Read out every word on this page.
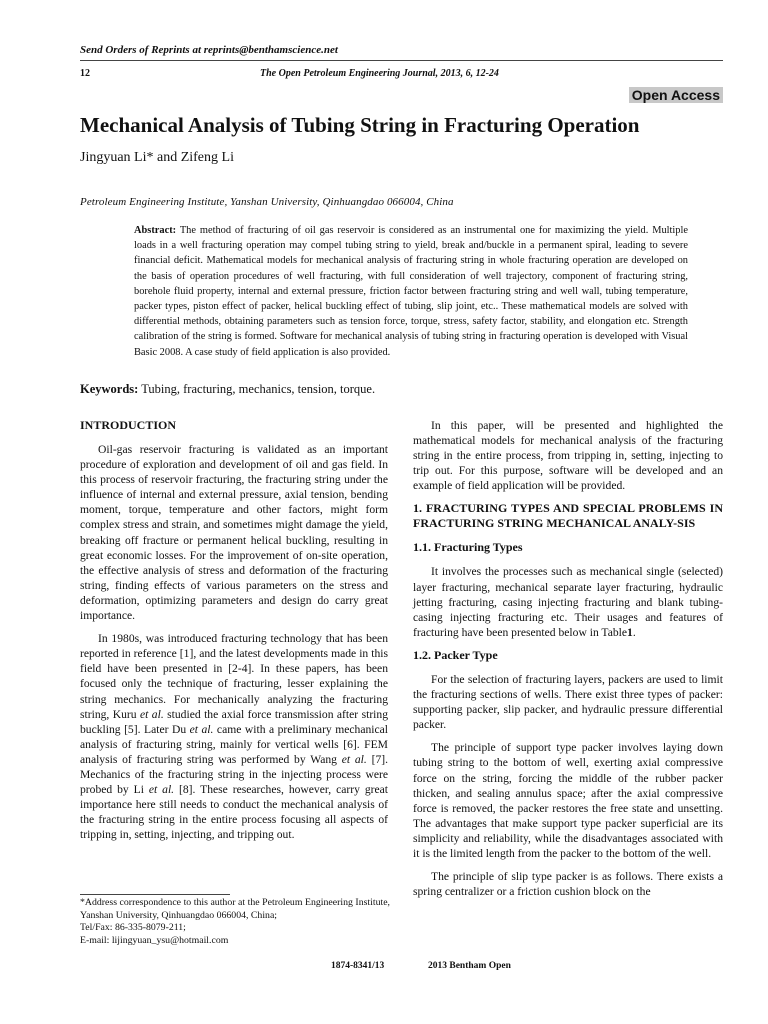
Send Orders of Reprints at reprints@benthamscience.net
12	The Open Petroleum Engineering Journal, 2013, 6, 12-24
Open Access
Mechanical Analysis of Tubing String in Fracturing Operation
Jingyuan Li* and Zifeng Li
Petroleum Engineering Institute, Yanshan University, Qinhuangdao 066004, China
Abstract: The method of fracturing of oil gas reservoir is considered as an instrumental one for maximizing the yield. Multiple loads in a well fracturing operation may compel tubing string to yield, break and/buckle in a permanent spiral, leading to severe financial deficit. Mathematical models for mechanical analysis of fracturing string in whole fracturing operation are developed on the basis of operation procedures of well fracturing, with full consideration of well trajectory, component of fracturing string, borehole fluid property, internal and external pressure, friction factor between fracturing string and well wall, tubing temperature, packer types, piston effect of packer, helical buckling effect of tubing, slip joint, etc.. These mathematical models are solved with differential methods, obtaining parameters such as tension force, torque, stress, safety factor, stability, and elongation etc. Strength calibration of the string is formed. Software for mechanical analysis of tubing string in fracturing operation is developed with Visual Basic 2008. A case study of field application is also provided.
Keywords: Tubing, fracturing, mechanics, tension, torque.
INTRODUCTION

Oil-gas reservoir fracturing is validated as an important procedure of exploration and development of oil and gas field. In this process of reservoir fracturing, the fracturing string under the influence of internal and external pressure, axial tension, bending moment, torque, temperature and other factors, might form complex stress and strain, and sometimes might damage the yield, breaking off fracture or permanent helical buckling, resulting in great economic losses. For the improvement of on-site operation, the effective analysis of stress and deformation of the fracturing string, finding effects of various parameters on the stress and deformation, optimizing parameters and design do carry great importance.

In 1980s, was introduced fracturing technology that has been reported in reference [1], and the latest developments made in this field have been presented in [2-4]. In these papers, has been focused only the technique of fracturing, lesser explaining the string mechanics. For mechanically analyzing the fracturing string, Kuru et al. studied the axial force transmission after string buckling [5]. Later Du et al. came with a preliminary mechanical analysis of fracturing string, mainly for vertical wells [6]. FEM analysis of fracturing string was performed by Wang et al. [7]. Mechanics of the fracturing string in the injecting process were probed by Li et al. [8]. These researches, however, carry great importance here still needs to conduct the mechanical analysis of the fracturing string in the entire process focusing all aspects of tripping in, setting, injecting, and tripping out.

In this paper, will be presented and highlighted the mathematical models for mechanical analysis of the fracturing string in the entire process, from tripping in, setting, injecting to trip out. For this purpose, software will be developed and an example of field application will be provided.

1. FRACTURING TYPES AND SPECIAL PROBLEMS IN FRACTURING STRING MECHANICAL ANALY-SIS
1.1. Fracturing Types

It involves the processes such as mechanical single (selected) layer fracturing, mechanical separate layer fracturing, hydraulic jetting fracturing, casing injecting fracturing and blank tubing-casing injecting fracturing etc. Their usages and features of fracturing have been presented below in Table1.

1.2. Packer Type

For the selection of fracturing layers, packers are used to limit the fracturing sections of wells. There exist three types of packer: supporting packer, slip packer, and hydraulic pressure differential packer.

The principle of support type packer involves laying down tubing string to the bottom of well, exerting axial compressive force on the string, forcing the middle of the rubber packer thicken, and sealing annulus space; after the axial compressive force is removed, the packer restores the free state and unsetting. The advantages that make support type packer superficial are its simplicity and reliability, while the disadvantages associated with it is the limited length from the packer to the bottom of the well.

The principle of slip type packer is as follows. There exists a spring centralizer or a friction cushion block on the

*Address correspondence to this author at the Petroleum Engineering Institute, Yanshan University, Qinhuangdao 066004, China;
Tel/Fax: 86-335-8079-211;
E-mail: lijingyuan_ysu@hotmail.com
1874-8341/13	2013 Bentham Open
